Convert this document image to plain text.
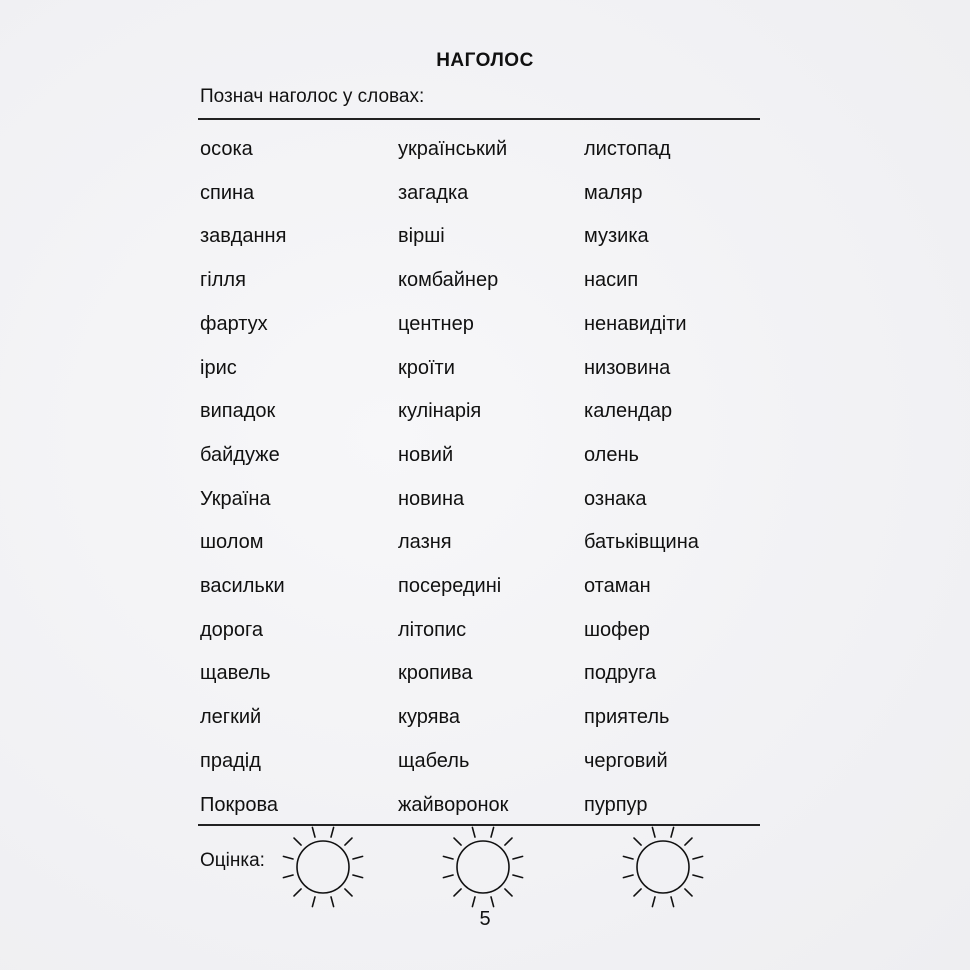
НАГОЛОС
Познач наголос у словах:
осока
спина
завдання
гілля
фартух
ірис
випадок
байдуже
Україна
шолом
васильки
дорога
щавель
легкий
прадід
Покрова
український
загадка
вірші
комбайнер
центнер
кроїти
кулінарія
новий
новина
лазня
посередині
літопис
кропива
курява
щабель
жайворонок
листопад
маляр
музика
насип
ненавидіти
низовина
календар
олень
ознака
батьківщина
отаман
шофер
подруга
приятель
черговий
пурпур
Оцінка:
5
